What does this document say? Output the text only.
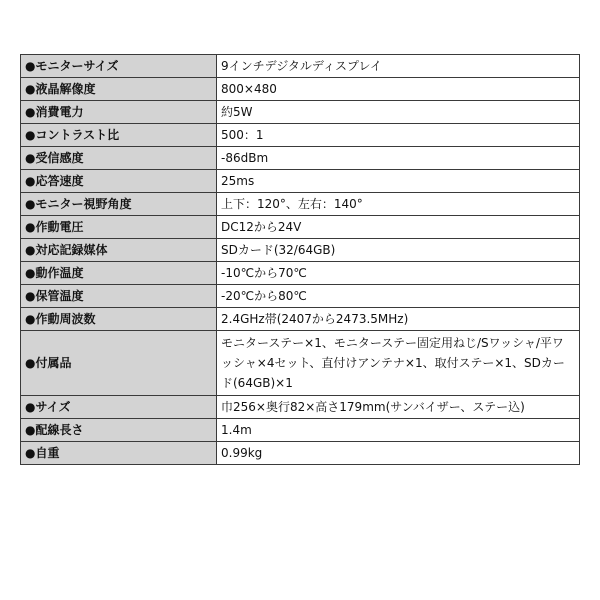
●モニターサイズ	9インチデジタルディスプレイ
●液晶解像度	800×480
●消費電力	約5W
●コントラスト比	500：1
●受信感度	-86dBm
●応答速度	25ms
●モニター視野角度	上下：120°、左右：140°
●作動電圧	DC12から24V
●対応記録媒体	SDカード(32/64GB)
●動作温度	-10℃から70℃
●保管温度	-20℃から80℃
●作動周波数	2.4GHz帯(2407から2473.5MHz)
●付属品	モニターステー×1、モニターステー固定用ねじ/Sワッシャ/平ワッシャ×4セット、直付けアンテナ×1、取付ステー×1、SDカード(64GB)×1
●サイズ	巾256×奥行82×高さ179mm(サンバイザー、ステー込)
●配線長さ	1.4m
●自重	0.99kg
